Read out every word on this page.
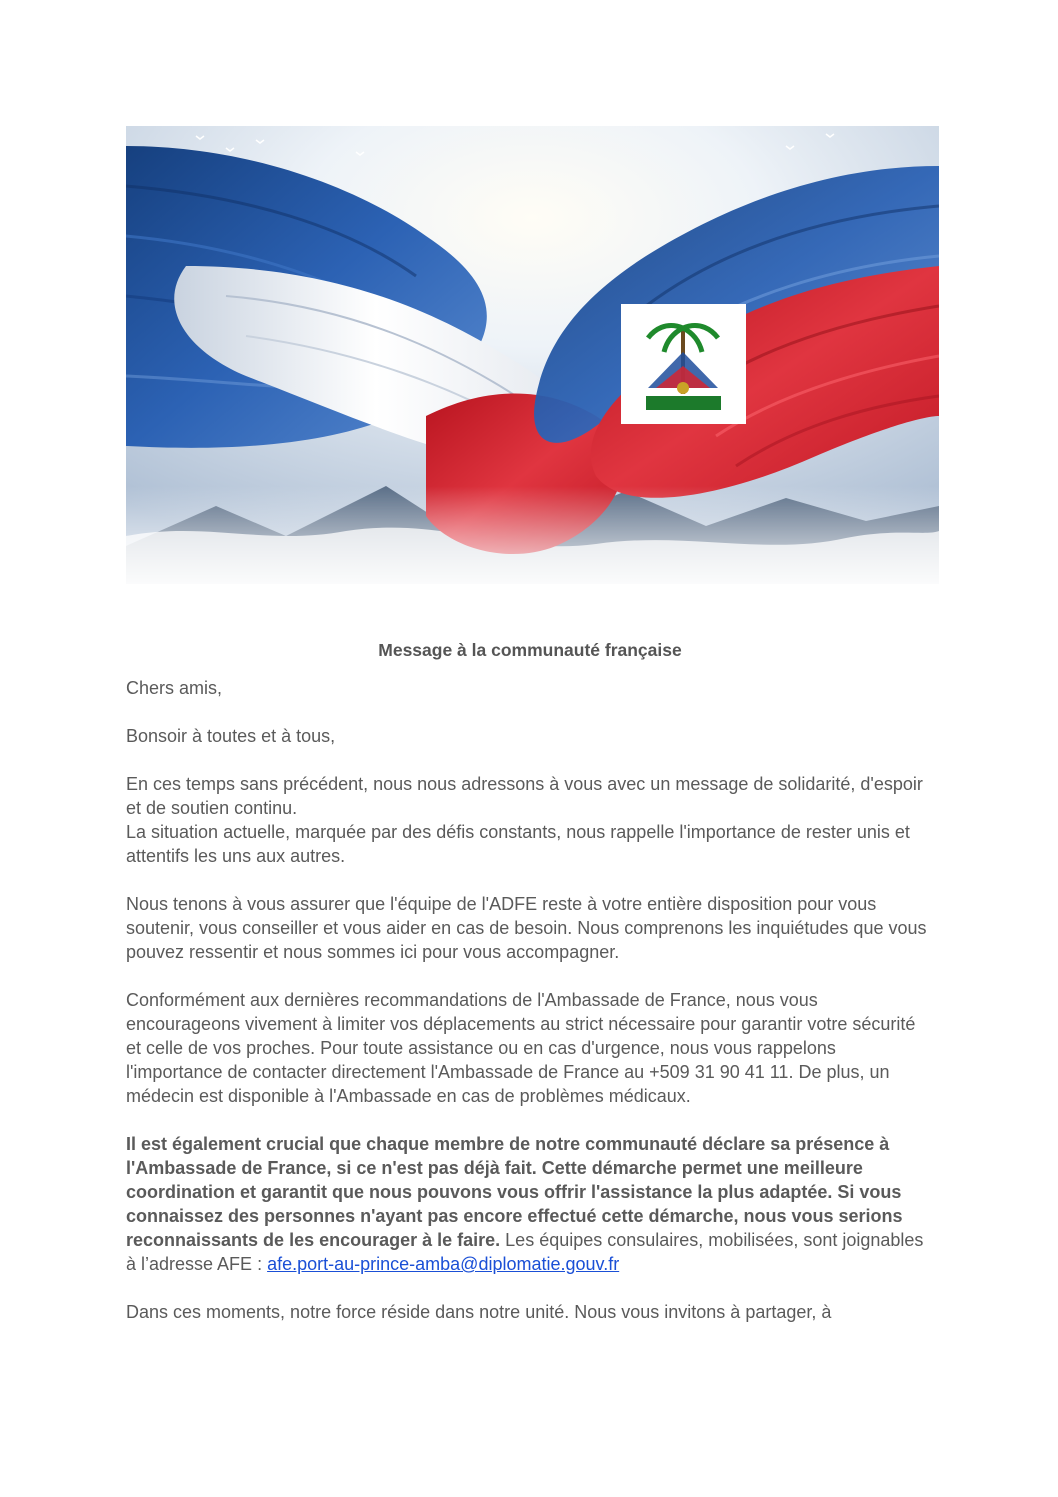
Message à la communauté française

Chers amis,

Bonsoir à toutes et à tous,

En ces temps sans précédent, nous nous adressons à vous avec un message de solidarité, d'espoir et de soutien continu.

La situation actuelle, marquée par des défis constants, nous rappelle l'importance de rester unis et attentifs les uns aux autres.

Nous tenons à vous assurer que l'équipe de l'ADFE reste à votre entière disposition pour vous soutenir, vous conseiller et vous aider en cas de besoin. Nous comprenons les inquiétudes que vous pouvez ressentir et nous sommes ici pour vous accompagner.

Conformément aux dernières recommandations de l'Ambassade de France, nous vous encourageons vivement à limiter vos déplacements au strict nécessaire pour garantir votre sécurité et celle de vos proches. Pour toute assistance ou en cas d'urgence, nous vous rappelons l'importance de contacter directement l'Ambassade de France au +509 31 90 41 11. De plus, un médecin est disponible à l'Ambassade en cas de problèmes médicaux.

Il est également crucial que chaque membre de notre communauté déclare sa présence à l'Ambassade de France, si ce n'est pas déjà fait. Cette démarche permet une meilleure coordination et garantit que nous pouvons vous offrir l'assistance la plus adaptée. Si vous connaissez des personnes n'ayant pas encore effectué cette démarche, nous vous serions reconnaissants de les encourager à le faire. Les équipes consulaires, mobilisées, sont joignables à l’adresse AFE : afe.port-au-prince-amba@diplomatie.gouv.fr

Dans ces moments, notre force réside dans notre unité. Nous vous invitons à partager, à
